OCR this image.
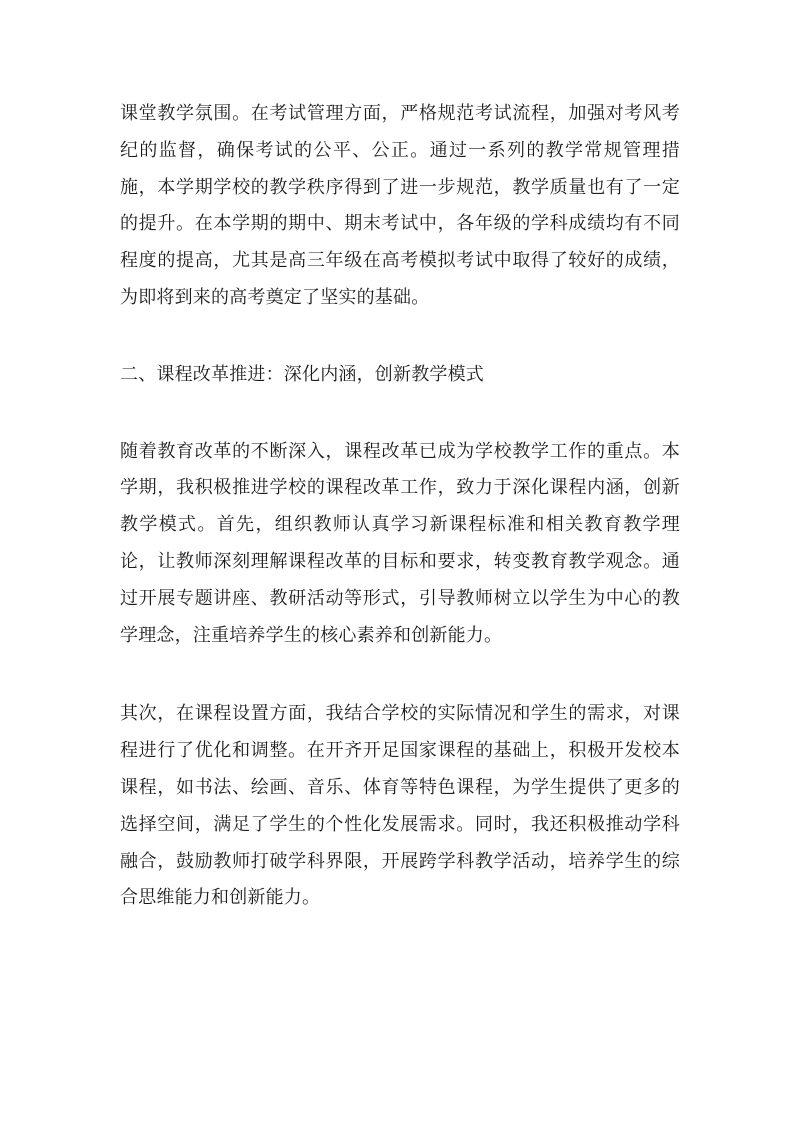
课堂教学氛围。在考试管理方面，严格规范考试流程，加强对考风考纪的监督，确保考试的公平、公正。通过一系列的教学常规管理措施，本学期学校的教学秩序得到了进一步规范，教学质量也有了一定的提升。在本学期的期中、期末考试中，各年级的学科成绩均有不同程度的提高，尤其是高三年级在高考模拟考试中取得了较好的成绩，为即将到来的高考奠定了坚实的基础。

二、课程改革推进：深化内涵，创新教学模式

随着教育改革的不断深入，课程改革已成为学校教学工作的重点。本学期，我积极推进学校的课程改革工作，致力于深化课程内涵，创新教学模式。首先，组织教师认真学习新课程标准和相关教育教学理论，让教师深刻理解课程改革的目标和要求，转变教育教学观念。通过开展专题讲座、教研活动等形式，引导教师树立以学生为中心的教学理念，注重培养学生的核心素养和创新能力。

其次，在课程设置方面，我结合学校的实际情况和学生的需求，对课程进行了优化和调整。在开齐开足国家课程的基础上，积极开发校本课程，如书法、绘画、音乐、体育等特色课程，为学生提供了更多的选择空间，满足了学生的个性化发展需求。同时，我还积极推动学科融合，鼓励教师打破学科界限，开展跨学科教学活动，培养学生的综合思维能力和创新能力。
